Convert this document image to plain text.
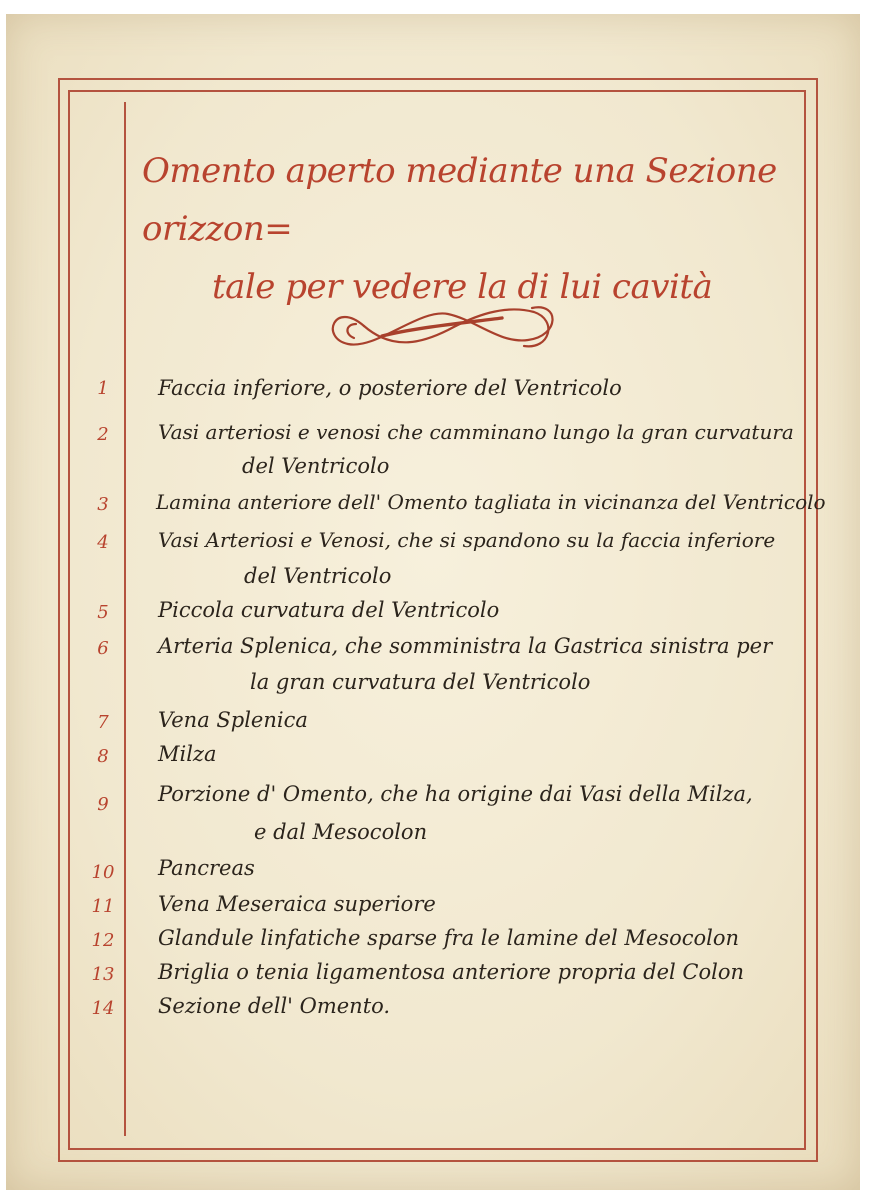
Omento aperto mediante una Sezione orizzon=
tale per vedere la di lui cavità
1	Faccia inferiore, o posteriore del Ventricolo
2	Vasi arteriosi e venosi che camminano lungo la gran curvatura
del Ventricolo
3	Lamina anteriore dell' Omento tagliata in vicinanza del Ventricolo
4	Vasi Arteriosi e Venosi, che si spandono su la faccia inferiore
del Ventricolo
5	Piccola curvatura del Ventricolo
6	Arteria Splenica, che somministra la Gastrica sinistra per
la gran curvatura del Ventricolo
7	Vena Splenica
8	Milza
9	Porzione d' Omento, che ha origine dai Vasi della Milza,
e dal Mesocolon
10	Pancreas
11	Vena Meseraica superiore
12	Glandule linfatiche sparse fra le lamine del Mesocolon
13	Briglia o tenia ligamentosa anteriore propria del Colon
14	Sezione dell' Omento.
